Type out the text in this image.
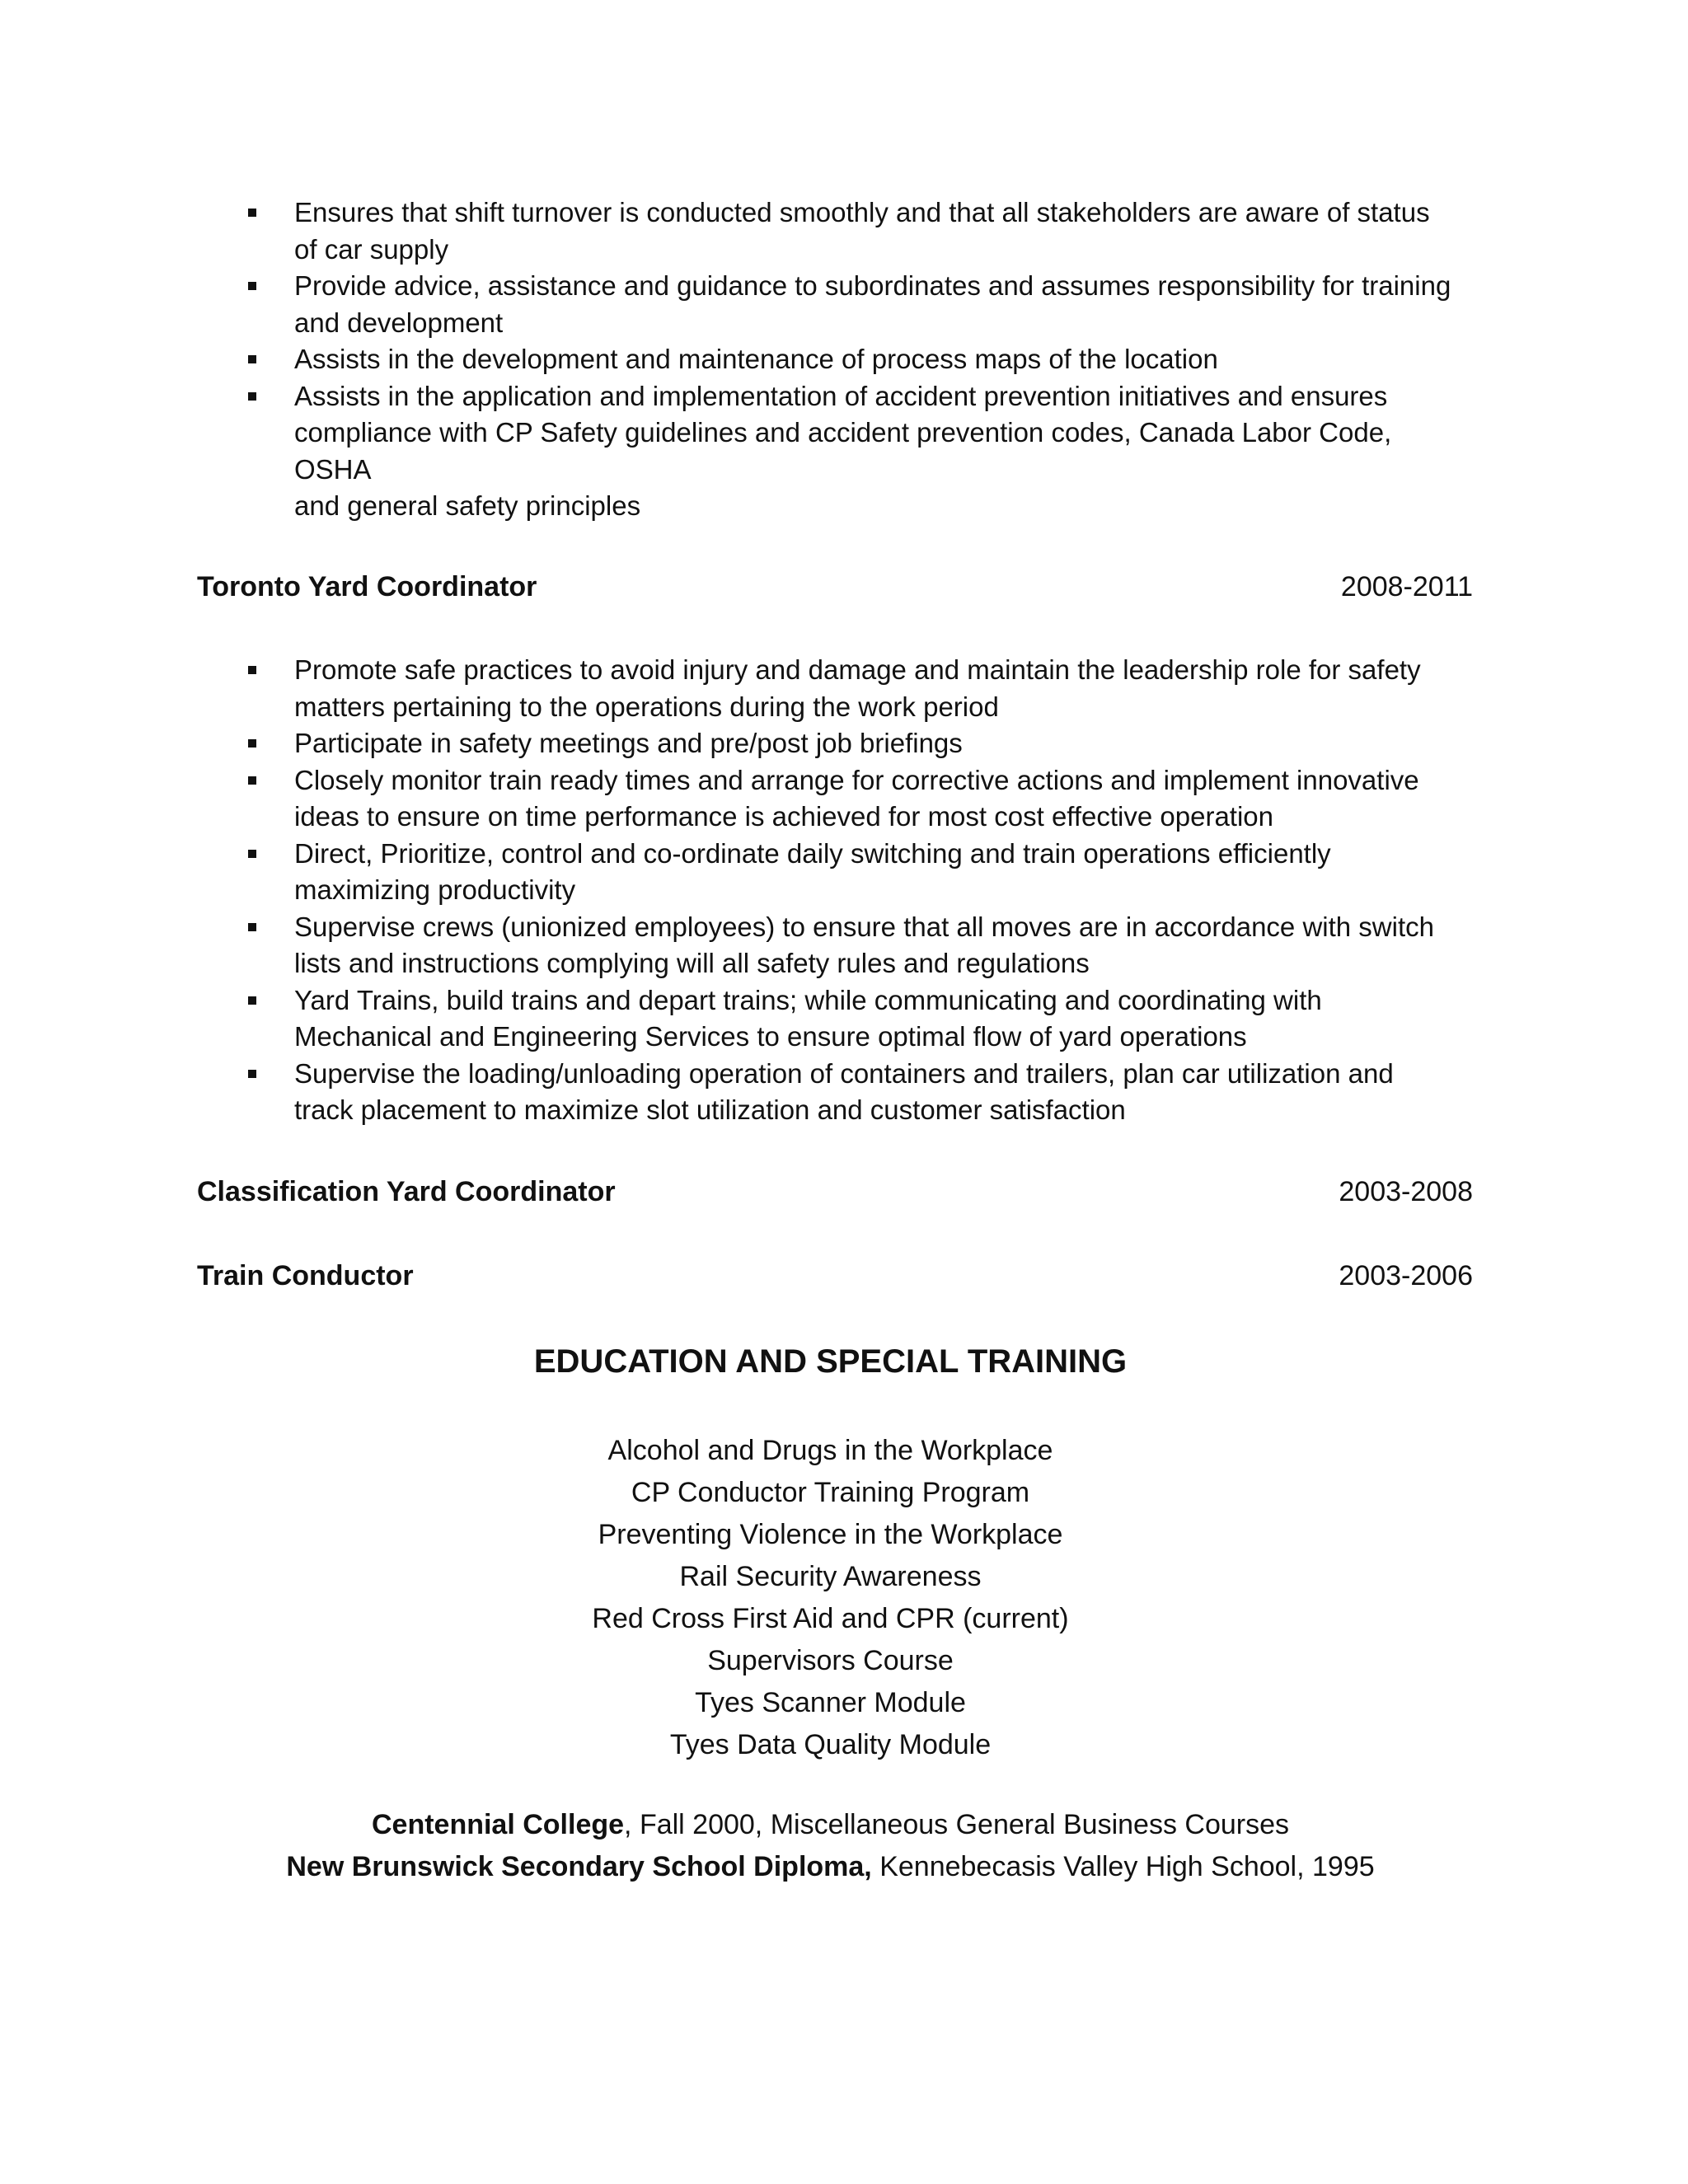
Ensures that shift turnover is conducted smoothly and that all stakeholders are aware of status
of car supply
Provide advice, assistance and guidance to subordinates and assumes responsibility for training
and development
Assists in the development and maintenance of process maps of the location
Assists in the application and implementation of accident prevention initiatives and ensures
compliance with CP Safety guidelines and accident prevention codes, Canada Labor Code, OSHA
and general safety principles
Toronto Yard Coordinator	2008-2011
Promote safe practices to avoid injury and damage and maintain the leadership role for safety
matters pertaining to the operations during the work period
Participate in safety meetings and pre/post job briefings
Closely monitor train ready times and arrange for corrective actions and implement innovative
ideas to ensure on time performance is achieved for most cost effective operation
Direct, Prioritize, control and co-ordinate daily switching and train operations efficiently
maximizing productivity
Supervise crews (unionized employees) to ensure that all moves are in accordance with switch
lists and instructions complying will all safety rules and regulations
Yard Trains, build trains and depart trains; while communicating and coordinating with
Mechanical and Engineering Services to ensure optimal flow of yard operations
Supervise the loading/unloading operation of containers and trailers, plan car utilization and
track placement to maximize slot utilization and customer satisfaction
Classification Yard Coordinator	2003-2008
Train Conductor	2003-2006
EDUCATION AND SPECIAL TRAINING
Alcohol and Drugs in the Workplace
CP Conductor Training Program
Preventing Violence in the Workplace
Rail Security Awareness
Red Cross First Aid and CPR (current)
Supervisors Course
Tyes Scanner Module
Tyes Data Quality Module
Centennial College, Fall 2000, Miscellaneous General Business Courses
New Brunswick Secondary School Diploma, Kennebecasis Valley High School, 1995
